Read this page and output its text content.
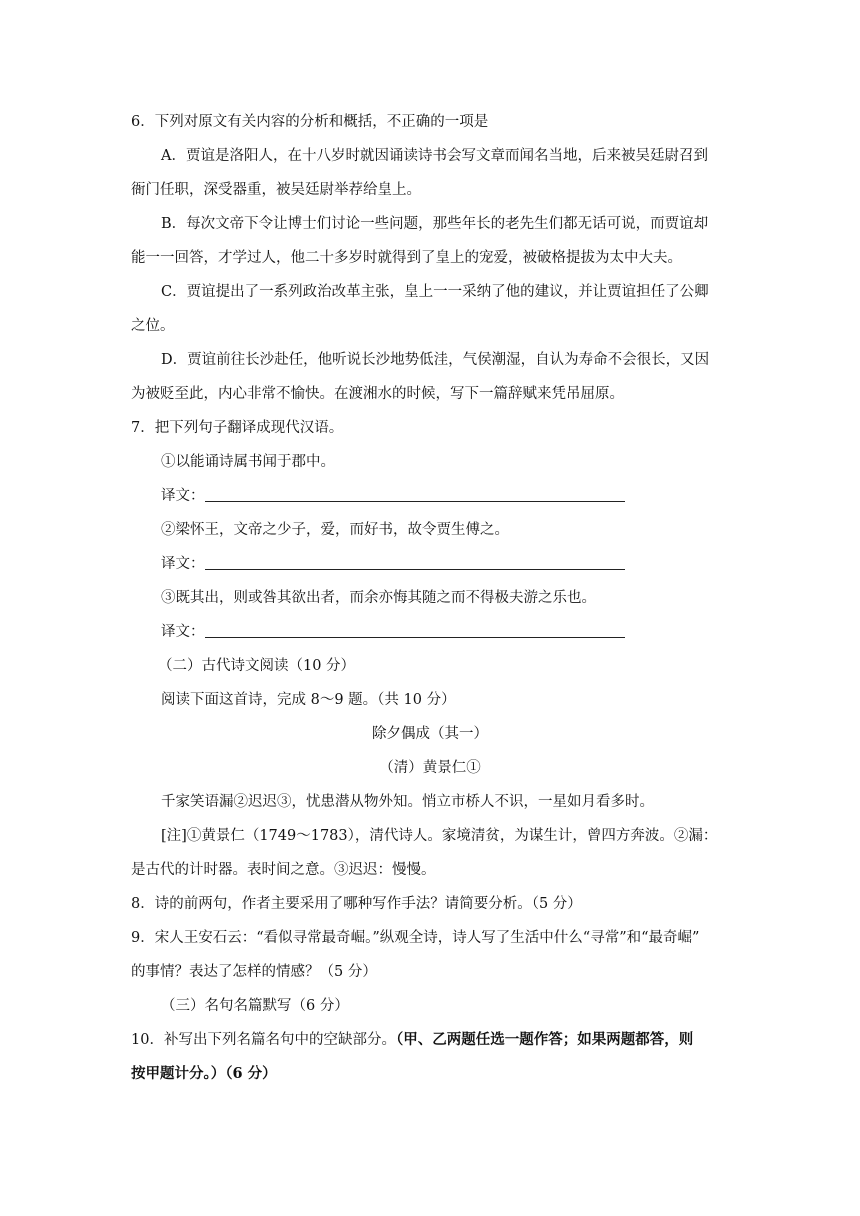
6．下列对原文有关内容的分析和概括，不正确的一项是
A．贾谊是洛阳人，在十八岁时就因诵读诗书会写文章而闻名当地，后来被吴廷尉召到
衙门任职，深受器重，被吴廷尉举荐给皇上。
B．每次文帝下令让博士们讨论一些问题，那些年长的老先生们都无话可说，而贾谊却
能一一回答，才学过人，他二十多岁时就得到了皇上的宠爱，被破格提拔为太中大夫。
C．贾谊提出了一系列政治改革主张，皇上一一采纳了他的建议，并让贾谊担任了公卿
之位。
D．贾谊前往长沙赴任，他听说长沙地势低洼，气侯潮湿，自认为寿命不会很长，又因
为被贬至此，内心非常不愉快。在渡湘水的时候，写下一篇辞赋来凭吊屈原。
7．把下列句子翻译成现代汉语。
①以能诵诗属书闻于郡中。
译文：
②梁怀王，文帝之少子，爱，而好书，故令贾生傅之。
译文：
③既其出，则或咎其欲出者，而余亦悔其随之而不得极夫游之乐也。
译文：
（二）古代诗文阅读（10 分）
阅读下面这首诗，完成 8～9 题。（共 10 分）
除夕偶成（其一）
（清）黄景仁①
千家笑语漏②迟迟③，忧患潜从物外知。悄立市桥人不识，一星如月看多时。
[注]①黄景仁（1749～1783），清代诗人。家境清贫，为谋生计，曾四方奔波。②漏：
是古代的计时器。表时间之意。③迟迟：慢慢。
8．诗的前两句，作者主要采用了哪种写作手法？请简要分析。（5 分）
9．宋人王安石云：“看似寻常最奇崛。”纵观全诗，诗人写了生活中什么“寻常”和“最奇崛”
的事情？表达了怎样的情感？（5 分）
（三）名句名篇默写（6 分）
10．补写出下列名篇名句中的空缺部分。（甲、乙两题任选一题作答；如果两题都答，则
按甲题计分。）（6 分）
